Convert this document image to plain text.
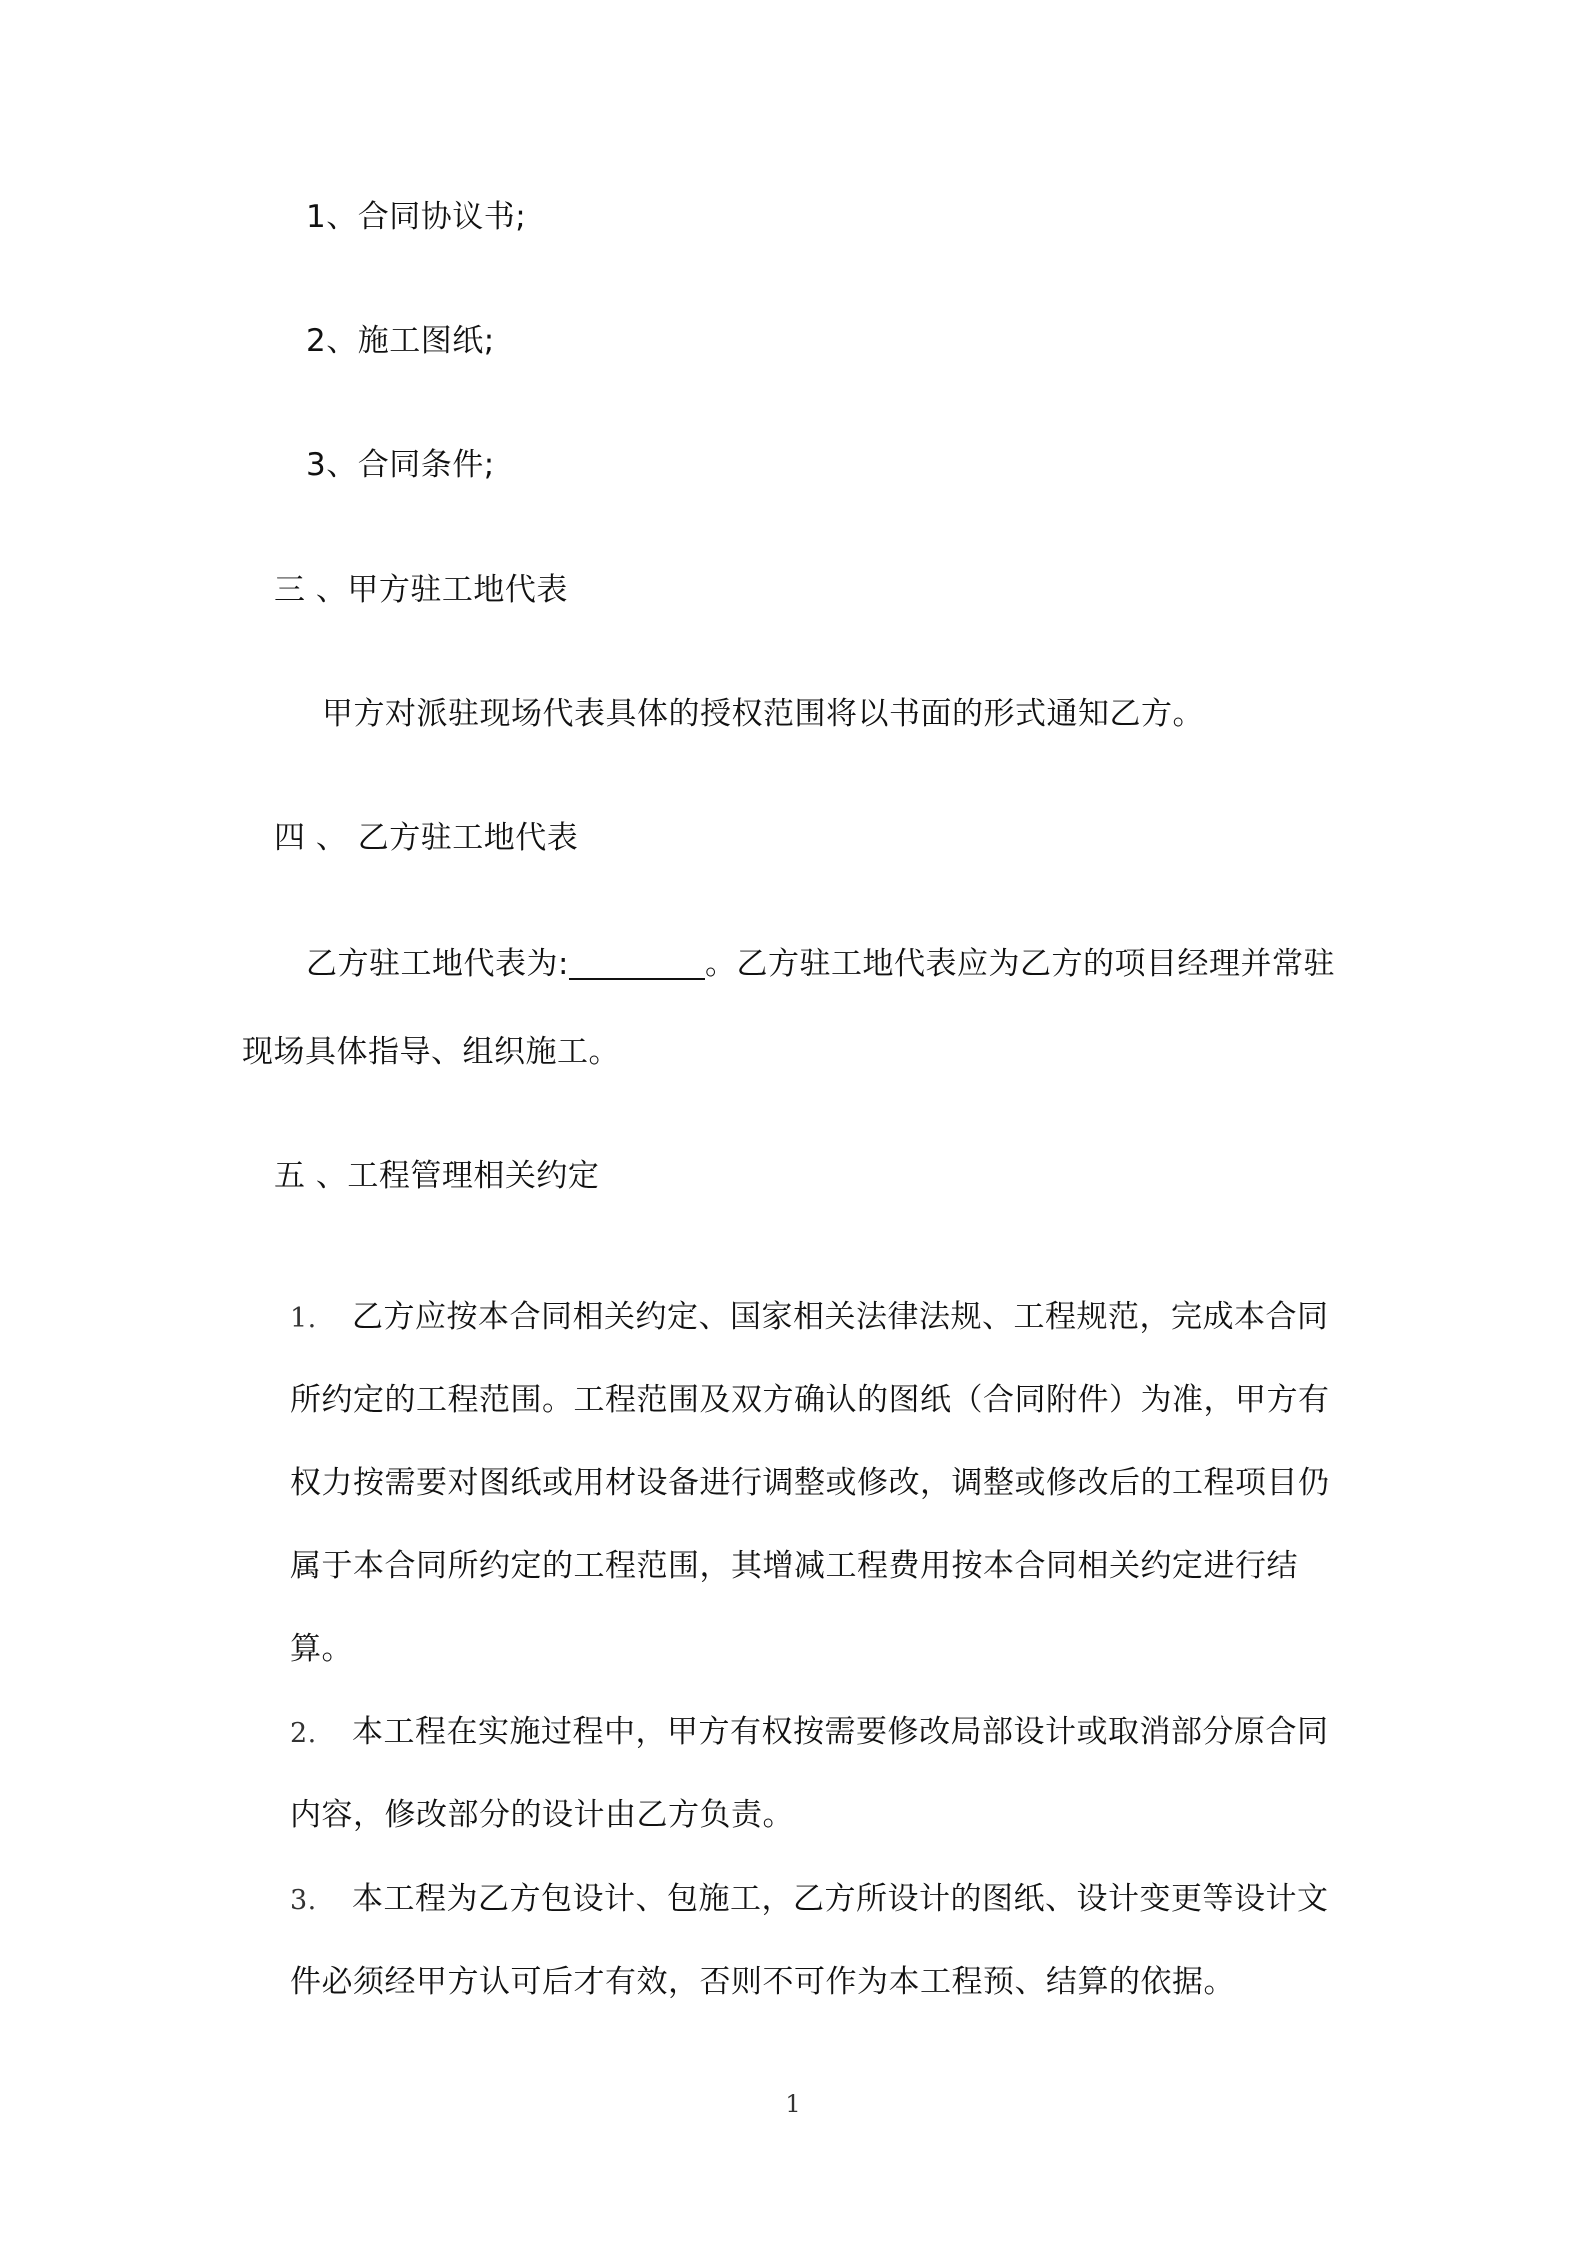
1、合同协议书;
2、施工图纸;
3、合同条件;
三 、甲方驻工地代表
甲方对派驻现场代表具体的授权范围将以书面的形式通知乙方。
四 、 乙方驻工地代表
乙方驻工地代表为:	。乙方驻工地代表应为乙方的项目经理并常驻
现场具体指导、组织施工。
五 、工程管理相关约定
1. 乙方应按本合同相关约定、国家相关法律法规、工程规范，完成本合同
所约定的工程范围。工程范围及双方确认的图纸（合同附件）为准，甲方有
权力按需要对图纸或用材设备进行调整或修改，调整或修改后的工程项目仍
属于本合同所约定的工程范围，其增减工程费用按本合同相关约定进行结
算。
2. 本工程在实施过程中，甲方有权按需要修改局部设计或取消部分原合同
内容，修改部分的设计由乙方负责。
3. 本工程为乙方包设计、包施工，乙方所设计的图纸、设计变更等设计文
件必须经甲方认可后才有效，否则不可作为本工程预、结算的依据。
1
